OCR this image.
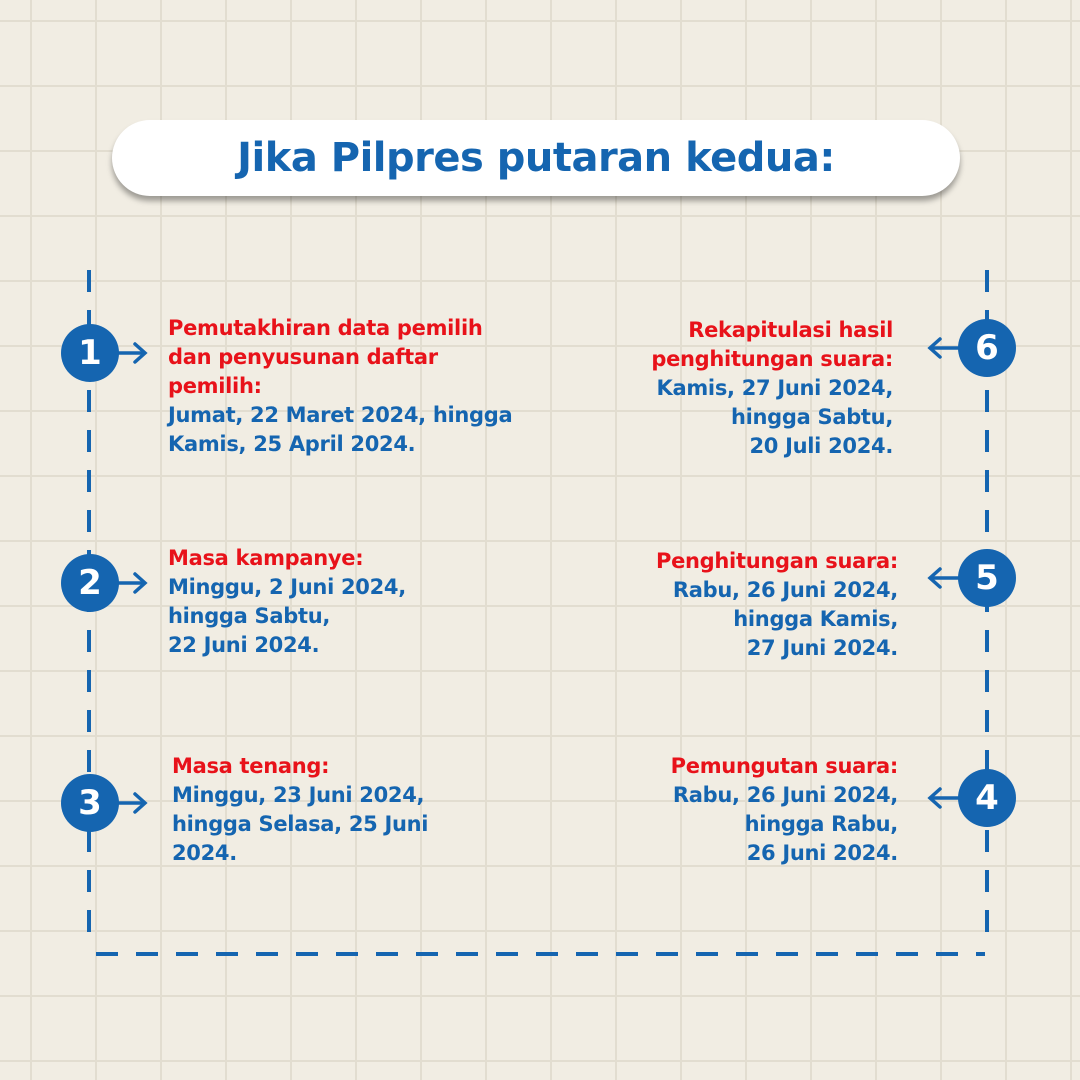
Jika Pilpres putaran kedua:
1
2
3	4
5
6
Pemutakhiran data pemilih
dan penyusunan daftar
pemilih:
Jumat, 22 Maret 2024, hingga
Kamis, 25 April 2024.
Masa kampanye:
Minggu, 2 Juni 2024,
hingga Sabtu,
22 Juni 2024.
Masa tenang:
Minggu, 23 Juni 2024,
hingga Selasa, 25 Juni
2024.
Pemungutan suara:
Rabu, 26 Juni 2024,
hingga Rabu,
26 Juni 2024.
Penghitungan suara:
Rabu, 26 Juni 2024,
hingga Kamis,
27 Juni 2024.
Rekapitulasi hasil
penghitungan suara:
Kamis, 27 Juni 2024,
hingga Sabtu,
20 Juli 2024.
